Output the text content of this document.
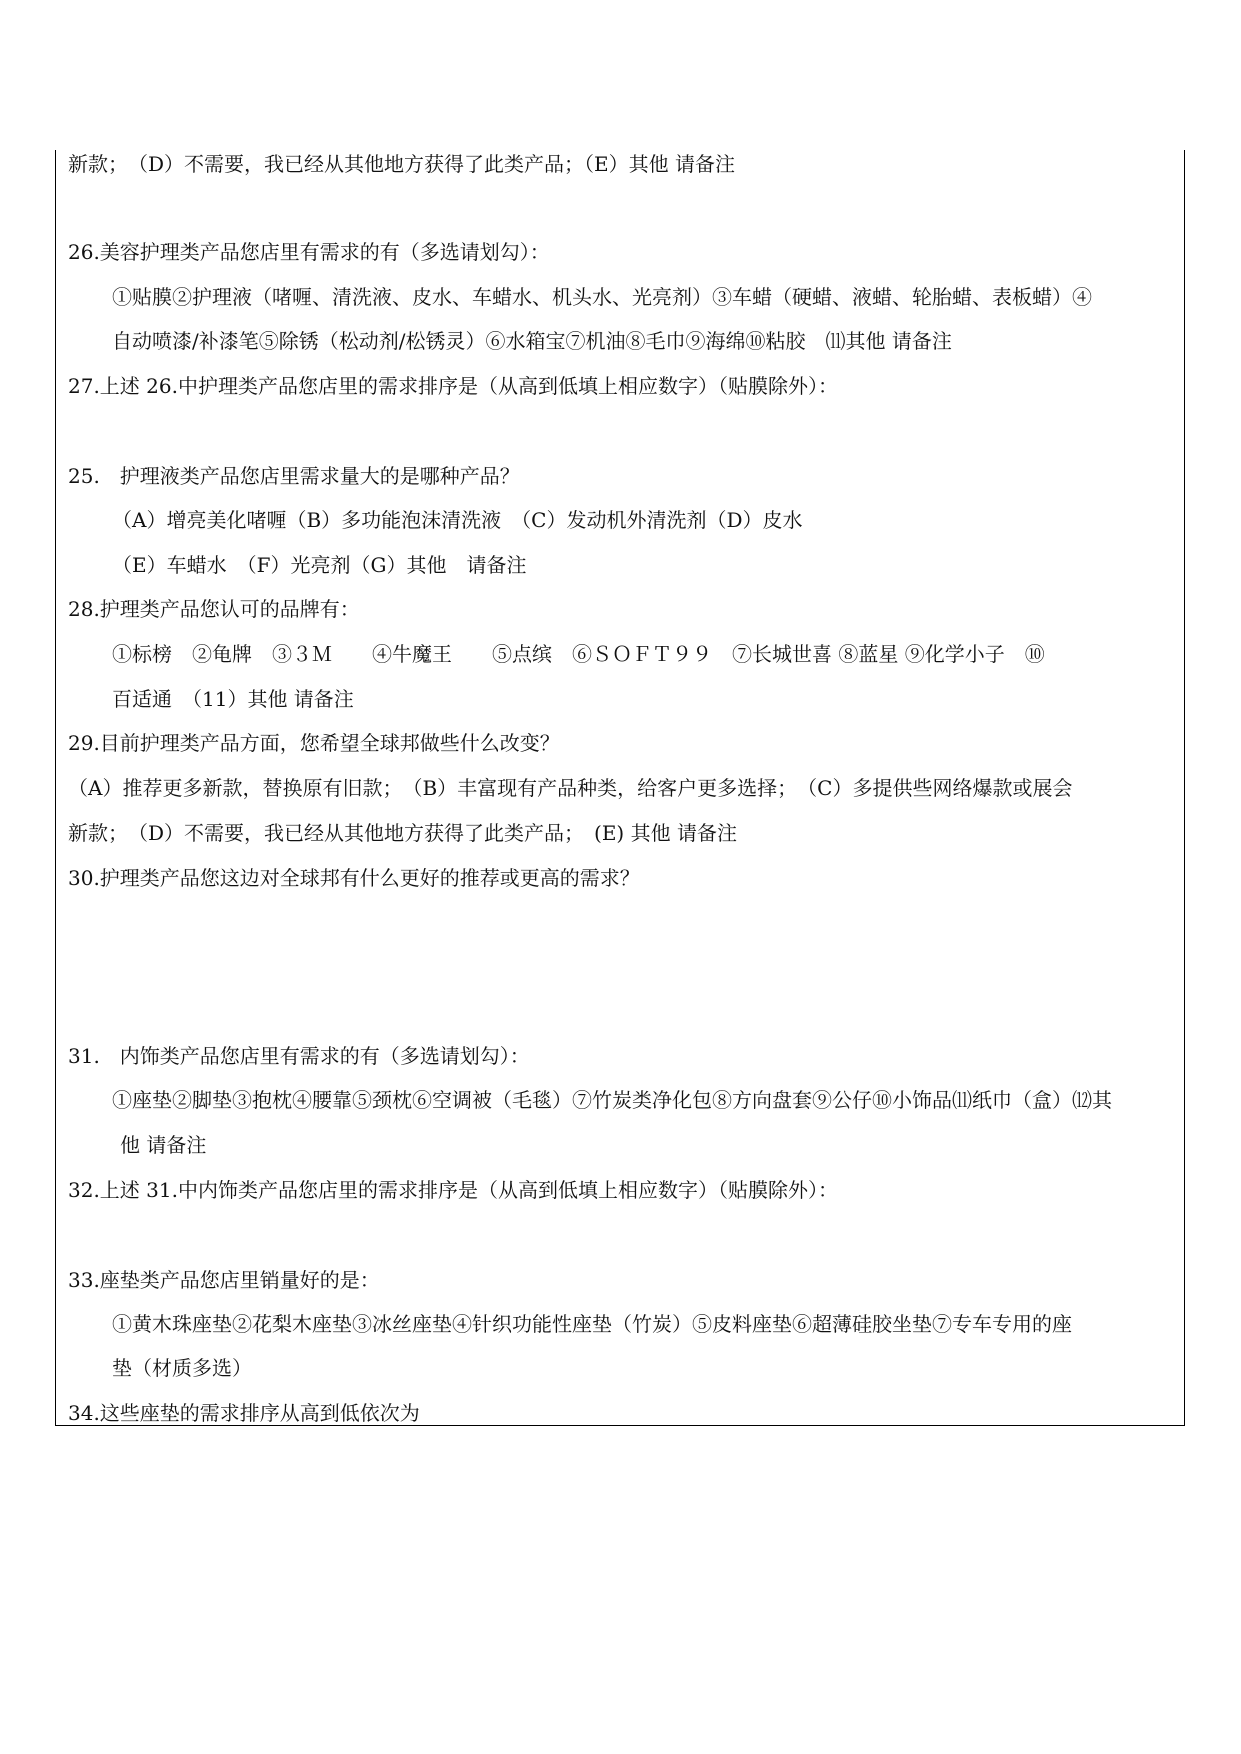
新款；　（D）不需要，我已经从其他地方获得了此类产品；（E）其他 请备注
26.美容护理类产品您店里有需求的有（多选请划勾）：
①贴膜②护理液（啫喱、清洗液、皮水、车蜡水、机头水、光亮剂）③车蜡（硬蜡、液蜡、轮胎蜡、表板蜡）④
自动喷漆/补漆笔⑤除锈（松动剂/松锈灵）⑥水箱宝⑦机油⑧毛巾⑨海绵⑩粘胶　⑾其他 请备注
27.上述 26.中护理类产品您店里的需求排序是（从高到低填上相应数字）（贴膜除外）：
25.　护理液类产品您店里需求量大的是哪种产品？
（A）增亮美化啫喱（B）多功能泡沫清洗液　（C）发动机外清洗剂（D）皮水
（E）车蜡水　（F）光亮剂（G）其他　请备注
28.护理类产品您认可的品牌有：
①标榜　②龟牌　③３Ｍ　　④牛魔王　　⑤点缤　⑥ＳＯＦＴ９９　⑦长城世喜 ⑧蓝星 ⑨化学小子　⑩
百适通　（11）其他 请备注
29.目前护理类产品方面，您希望全球邦做些什么改变？
（A）推荐更多新款，替换原有旧款；　（B）丰富现有产品种类，给客户更多选择；　（C）多提供些网络爆款或展会
新款；　（D）不需要，我已经从其他地方获得了此类产品；　(E) 其他 请备注
30.护理类产品您这边对全球邦有什么更好的推荐或更高的需求？
31.　内饰类产品您店里有需求的有（多选请划勾）：
①座垫②脚垫③抱枕④腰靠⑤颈枕⑥空调被（毛毯）⑦竹炭类净化包⑧方向盘套⑨公仔⑩小饰品⑾纸巾（盒）⑿其
他 请备注
32.上述 31.中内饰类产品您店里的需求排序是（从高到低填上相应数字）（贴膜除外）：
33.座垫类产品您店里销量好的是：
①黄木珠座垫②花梨木座垫③冰丝座垫④针织功能性座垫（竹炭）⑤皮料座垫⑥超薄硅胶坐垫⑦专车专用的座
垫（材质多选）
34.这些座垫的需求排序从高到低依次为
